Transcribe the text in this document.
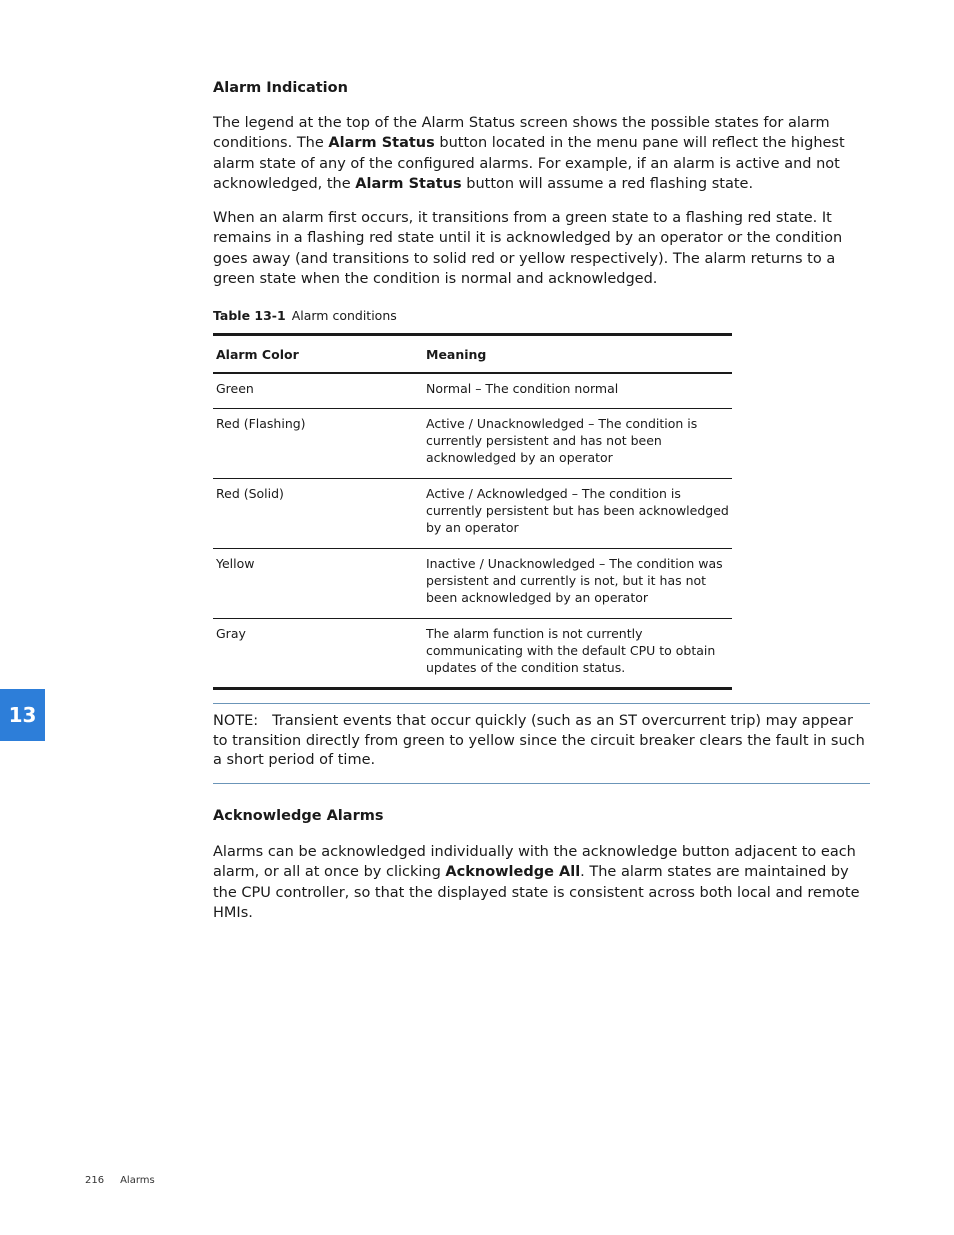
Alarm Indication

The legend at the top of the Alarm Status screen shows the possible states for alarm conditions. The Alarm Status button located in the menu pane will reflect the highest alarm state of any of the configured alarms. For example, if an alarm is active and not acknowledged, the Alarm Status button will assume a red flashing state.

When an alarm first occurs, it transitions from a green state to a flashing red state. It remains in a flashing red state until it is acknowledged by an operator or the condition goes away (and transitions to solid red or yellow respectively). The alarm returns to a green state when the condition is normal and acknowledged.

Table 13-1 Alarm conditions
Alarm Color	Meaning
Green	Normal – The condition normal
Red (Flashing)	Active / Unacknowledged – The condition is currently persistent and has not been acknowledged by an operator
Red (Solid)	Active / Acknowledged – The condition is currently persistent but has been acknowledged by an operator
Yellow	Inactive / Unacknowledged – The condition was persistent and currently is not, but it has not been acknowledged by an operator
Gray	The alarm function is not currently communicating with the default CPU to obtain updates of the condition status.

NOTE: Transient events that occur quickly (such as an ST overcurrent trip) may appear to transition directly from green to yellow since the circuit breaker clears the fault in such a short period of time.

Acknowledge Alarms

Alarms can be acknowledged individually with the acknowledge button adjacent to each alarm, or all at once by clicking Acknowledge All. The alarm states are maintained by the CPU controller, so that the displayed state is consistent across both local and remote HMIs.

13
216 Alarms
